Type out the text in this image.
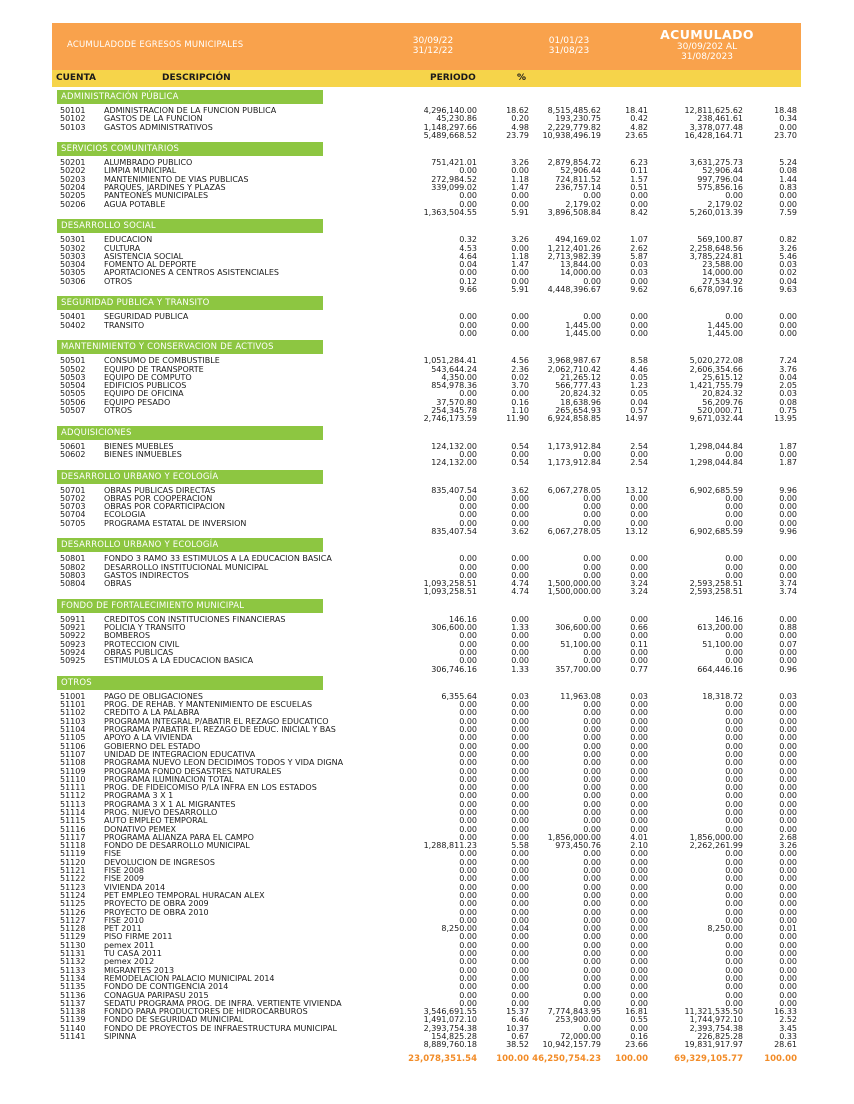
ACUMULADODE EGRESOS MUNICIPALES	30/09/22
31/12/22
01/01/23
31/08/23
ACUMULADO
30/09/202 AL
31/08/2023
CUENTA	DESCRIPCIÓN	PERIODO	%
ADMINISTRACIÓN PÚBLICA
50101 ADMINISTRACION DE LA FUNCION PUBLICA	4,296,140.00	18.62 8,515,485.62	18.41	12,811,625.62	18.48
50102 GASTOS DE LA FUNCION	45,230.86	0.20	193,230.75	0.42	238,461.61	0.34
50103 GASTOS ADMINISTRATIVOS	1,148,297.66	4.98 2,229,779.82	4.82	3,378,077.48	0.00
5,489,668.52	23.79 10,938,496.19	23.65	16,428,164.71	23.70
SERVICIOS COMUNITARIOS
50201 ALUMBRADO PUBLICO	751,421.01	3.26 2,879,854.72	6.23	3,631,275.73	5.24
50202 LIMPIA MUNICIPAL	0.00	0.00	52,906.44	0.11	52,906.44	0.08
50203 MANTENIMIENTO DE VIAS PUBLICAS	272,984.52	1.18	724,811.52	1.57	997,796.04	1.44
50204 PARQUES, JARDINES Y PLAZAS	339,099.02	1.47	236,757.14	0.51	575,856.16	0.83
50205 PANTEONES MUNICIPALES	0.00	0.00	0.00	0.00	0.00	0.00
50206 AGUA POTABLE	0.00	0.00	2,179.02	0.00	2,179.02	0.00
1,363,504.55	5.91 3,896,508.84	8.42	5,260,013.39	7.59
DESARROLLO SOCIAL
50301 EDUCACION	0.32	3.26	494,169.02	1.07	569,100.87	0.82
50302 CULTURA	4.53	0.00 1,212,401.26	2.62	2,258,648.56	3.26
50303 ASISTENCIA SOCIAL	4.64	1.18 2,713,982.39	5.87	3,785,224.81	5.46
50304 FOMENTO AL DEPORTE	0.04	1.47	13,844.00	0.03	23,588.00	0.03
50305 APORTACIONES A CENTROS ASISTENCIALES	0.00	0.00	14,000.00	0.03	14,000.00	0.02
50306 OTROS	0.12	0.00	0.00	0.00	27,534.92	0.04
9.66	5.91 4,448,396.67	9.62	6,678,097.16	9.63
SEGURIDAD PUBLICA Y TRANSITO
50401 SEGURIDAD PUBLICA	0.00	0.00	0.00	0.00	0.00	0.00
50402 TRANSITO	0.00	0.00	1,445.00	0.00	1,445.00	0.00
0.00	0.00	1,445.00	0.00	1,445.00	0.00
MANTENIMIENTO Y CONSERVACION DE ACTIVOS
50501 CONSUMO DE COMBUSTIBLE	1,051,284.41	4.56 3,968,987.67	8.58	5,020,272.08	7.24
50502 EQUIPO DE TRANSPORTE	543,644.24	2.36 2,062,710.42	4.46	2,606,354.66	3.76
50503 EQUIPO DE COMPUTO	4,350.00	0.02	21,265.12	0.05	25,615.12	0.04
50504 EDIFICIOS PUBLICOS	854,978.36	3.70	566,777.43	1.23	1,421,755.79	2.05
50505 EQUIPO DE OFICINA	0.00	0.00	20,824.32	0.05	20,824.32	0.03
50506 EQUIPO PESADO	37,570.80	0.16	18,638.96	0.04	56,209.76	0.08
50507 OTROS	254,345.78	1.10	265,654.93	0.57	520,000.71	0.75
2,746,173.59	11.90 6,924,858.85	14.97	9,671,032.44	13.95
ADQUISICIONES
50601 BIENES MUEBLES	124,132.00	0.54 1,173,912.84	2.54	1,298,044.84	1.87
50602 BIENES INMUEBLES	0.00	0.00	0.00	0.00	0.00	0.00
124,132.00	0.54 1,173,912.84	2.54	1,298,044.84	1.87
DESARROLLO URBANO Y ECOLOGÍA
50701 OBRAS PUBLICAS DIRECTAS	835,407.54	3.62 6,067,278.05	13.12	6,902,685.59	9.96
50702 OBRAS POR COOPERACION	0.00	0.00	0.00	0.00	0.00	0.00
50703 OBRAS POR COPARTICIPACION	0.00	0.00	0.00	0.00	0.00	0.00
50704 ECOLOGIA	0.00	0.00	0.00	0.00	0.00	0.00
50705 PROGRAMA ESTATAL DE INVERSION	0.00	0.00	0.00	0.00	0.00	0.00
835,407.54	3.62 6,067,278.05	13.12	6,902,685.59	9.96
DESARROLLO URBANO Y ECOLOGÍA
50801 FONDO 3 RAMO 33 ESTIMULOS A LA EDUCACION BASICA	0.00	0.00	0.00	0.00	0.00	0.00
50802 DESARROLLO INSTITUCIONAL MUNICIPAL	0.00	0.00	0.00	0.00	0.00	0.00
50803 GASTOS INDIRECTOS	0.00	0.00	0.00	0.00	0.00	0.00
50804 OBRAS	1,093,258.51	4.74 1,500,000.00	3.24	2,593,258.51	3.74
1,093,258.51	4.74 1,500,000.00	3.24	2,593,258.51	3.74
FONDO DE FORTALECIMIENTO MUNICIPAL
50911 CREDITOS CON INSTITUCIONES FINANCIERAS	146.16	0.00	0.00	0.00	146.16	0.00
50921 POLICIA Y TRANSITO	306,600.00	1.33	306,600.00	0.66	613,200.00	0.88
50922 BOMBEROS	0.00	0.00	0.00	0.00	0.00	0.00
50923 PROTECCION CIVIL	0.00	0.00	51,100.00	0.11	51,100.00	0.07
50924 OBRAS PUBLICAS	0.00	0.00	0.00	0.00	0.00	0.00
50925 ESTIMULOS A LA EDUCACION BASICA	0.00	0.00	0.00	0.00	0.00	0.00
306,746.16	1.33	357,700.00	0.77	664,446.16	0.96
OTROS
51001 PAGO DE OBLIGACIONES	6,355.64	0.03	11,963.08	0.03	18,318.72	0.03
51101 PROG. DE REHAB. Y MANTENIMIENTO DE ESCUELAS	0.00	0.00	0.00	0.00	0.00	0.00
51102 CREDITO A LA PALABRA	0.00	0.00	0.00	0.00	0.00	0.00
51103 PROGRAMA INTEGRAL P/ABATIR EL REZAGO EDUCATICO	0.00	0.00	0.00	0.00	0.00	0.00
51104 PROGRAMA P/ABATIR EL REZAGO DE EDUC. INICIAL Y BAS	0.00	0.00	0.00	0.00	0.00	0.00
51105 APOYO A LA VIVIENDA	0.00	0.00	0.00	0.00	0.00	0.00
51106 GOBIERNO DEL ESTADO	0.00	0.00	0.00	0.00	0.00	0.00
51107 UNIDAD DE INTEGRACION EDUCATIVA	0.00	0.00	0.00	0.00	0.00	0.00
51108 PROGRAMA NUEVO LEON DECIDIMOS TODOS Y VIDA DIGNA	0.00	0.00	0.00	0.00	0.00	0.00
51109 PROGRAMA FONDO DESASTRES NATURALES	0.00	0.00	0.00	0.00	0.00	0.00
51110 PROGRAMA ILUMINACION TOTAL	0.00	0.00	0.00	0.00	0.00	0.00
51111 PROG. DE FIDEICOMISO P/LA INFRA EN LOS ESTADOS	0.00	0.00	0.00	0.00	0.00	0.00
51112 PROGRAMA 3 X 1	0.00	0.00	0.00	0.00	0.00	0.00
51113 PROGRAMA 3 X 1 AL MIGRANTES	0.00	0.00	0.00	0.00	0.00	0.00
51114 PROG. NUEVO DESARROLLO	0.00	0.00	0.00	0.00	0.00	0.00
51115 AUTO EMPLEO TEMPORAL	0.00	0.00	0.00	0.00	0.00	0.00
51116 DONATIVO PEMEX	0.00	0.00	0.00	0.00	0.00	0.00
51117 PROGRAMA ALIANZA PARA EL CAMPO	0.00	0.00 1,856,000.00	4.01	1,856,000.00	2.68
51118 FONDO DE DESARROLLO MUNICIPAL	1,288,811.23	5.58	973,450.76	2.10	2,262,261.99	3.26
51119 FISE	0.00	0.00	0.00	0.00	0.00	0.00
51120 DEVOLUCION DE INGRESOS	0.00	0.00	0.00	0.00	0.00	0.00
51121 FISE 2008	0.00	0.00	0.00	0.00	0.00	0.00
51122 FISE 2009	0.00	0.00	0.00	0.00	0.00	0.00
51123 VIVIENDA 2014	0.00	0.00	0.00	0.00	0.00	0.00
51124 PET EMPLEO TEMPORAL HURACAN ALEX	0.00	0.00	0.00	0.00	0.00	0.00
51125 PROYECTO DE OBRA 2009	0.00	0.00	0.00	0.00	0.00	0.00
51126 PROYECTO DE OBRA 2010	0.00	0.00	0.00	0.00	0.00	0.00
51127 FISE 2010	0.00	0.00	0.00	0.00	0.00	0.00
51128 PET 2011	8,250.00	0.04	0.00	0.00	8,250.00	0.01
51129 PISO FIRME 2011	0.00	0.00	0.00	0.00	0.00	0.00
51130 pemex 2011	0.00	0.00	0.00	0.00	0.00	0.00
51131 TU CASA 2011	0.00	0.00	0.00	0.00	0.00	0.00
51132 pemex 2012	0.00	0.00	0.00	0.00	0.00	0.00
51133 MIGRANTES 2013	0.00	0.00	0.00	0.00	0.00	0.00
51134 REMODELACION PALACIO MUNICIPAL 2014	0.00	0.00	0.00	0.00	0.00	0.00
51135 FONDO DE CONTIGENCIA 2014	0.00	0.00	0.00	0.00	0.00	0.00
51136 CONAGUA PARIPASU 2015	0.00	0.00	0.00	0.00	0.00	0.00
51137 SEDATU PROGRAMA PROG. DE INFRA. VERTIENTE VIVIENDA	0.00	0.00	0.00	0.00	0.00	0.00
51138 FONDO PARA PRODUCTORES DE HIDROCARBUROS	3,546,691.55	15.37 7,774,843.95	16.81	11,321,535.50	16.33
51139 FONDO DE SEGURIDAD MUNICIPAL	1,491,072.10	6.46	253,900.00	0.55	1,744,972.10	2.52
51140 FONDO DE PROYECTOS DE INFRAESTRUCTURA MUNICIPAL	2,393,754.38	10.37	0.00	0.00	2,393,754.38	3.45
51141 SIPINNA	154,825.28	0.67	72,000.00	0.16	226,825.28	0.33
8,889,760.18	38.52 10,942,157.79	23.66	19,831,917.97	28.61
23,078,351.54 100.00 46,250,754.23 100.00	69,329,105.77 100.00
